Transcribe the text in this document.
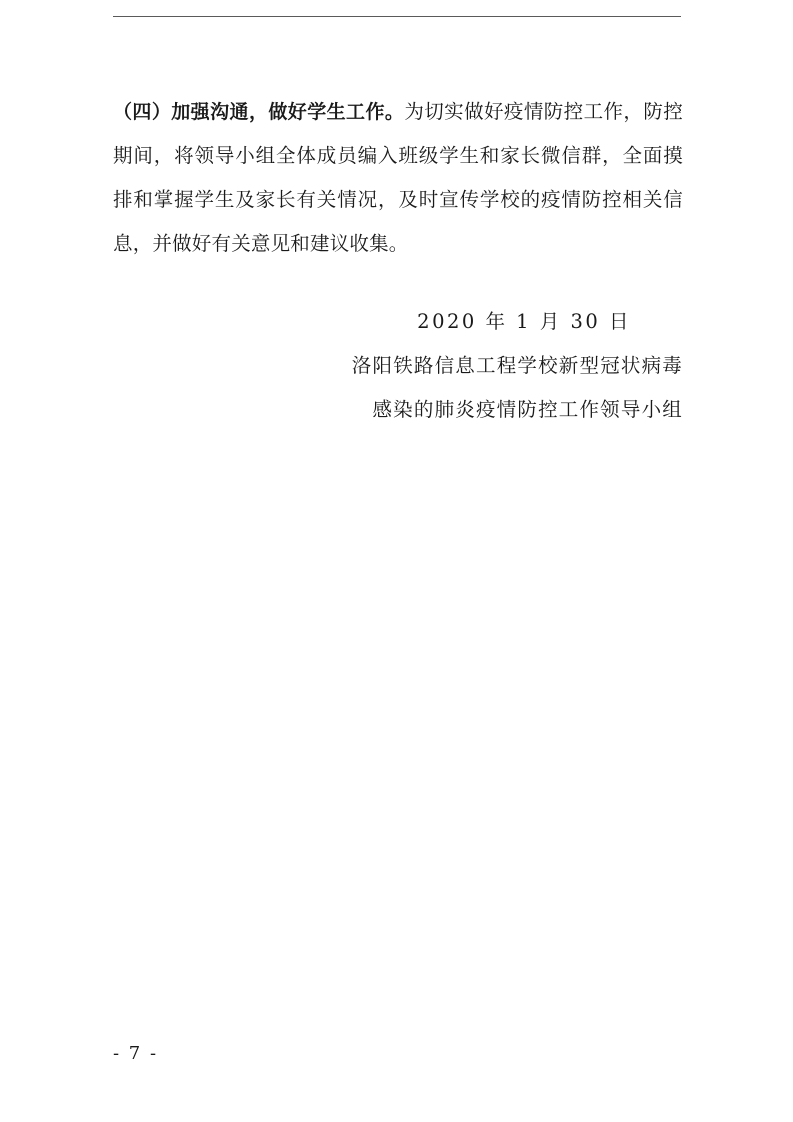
（四）加强沟通，做好学生工作。为切实做好疫情防控工作，防控期间，将领导小组全体成员编入班级学生和家长微信群，全面摸排和掌握学生及家长有关情况，及时宣传学校的疫情防控相关信息，并做好有关意见和建议收集。

2020 年 1 月 30 日
洛阳铁路信息工程学校新型冠状病毒
感染的肺炎疫情防控工作领导小组
- 7 -
